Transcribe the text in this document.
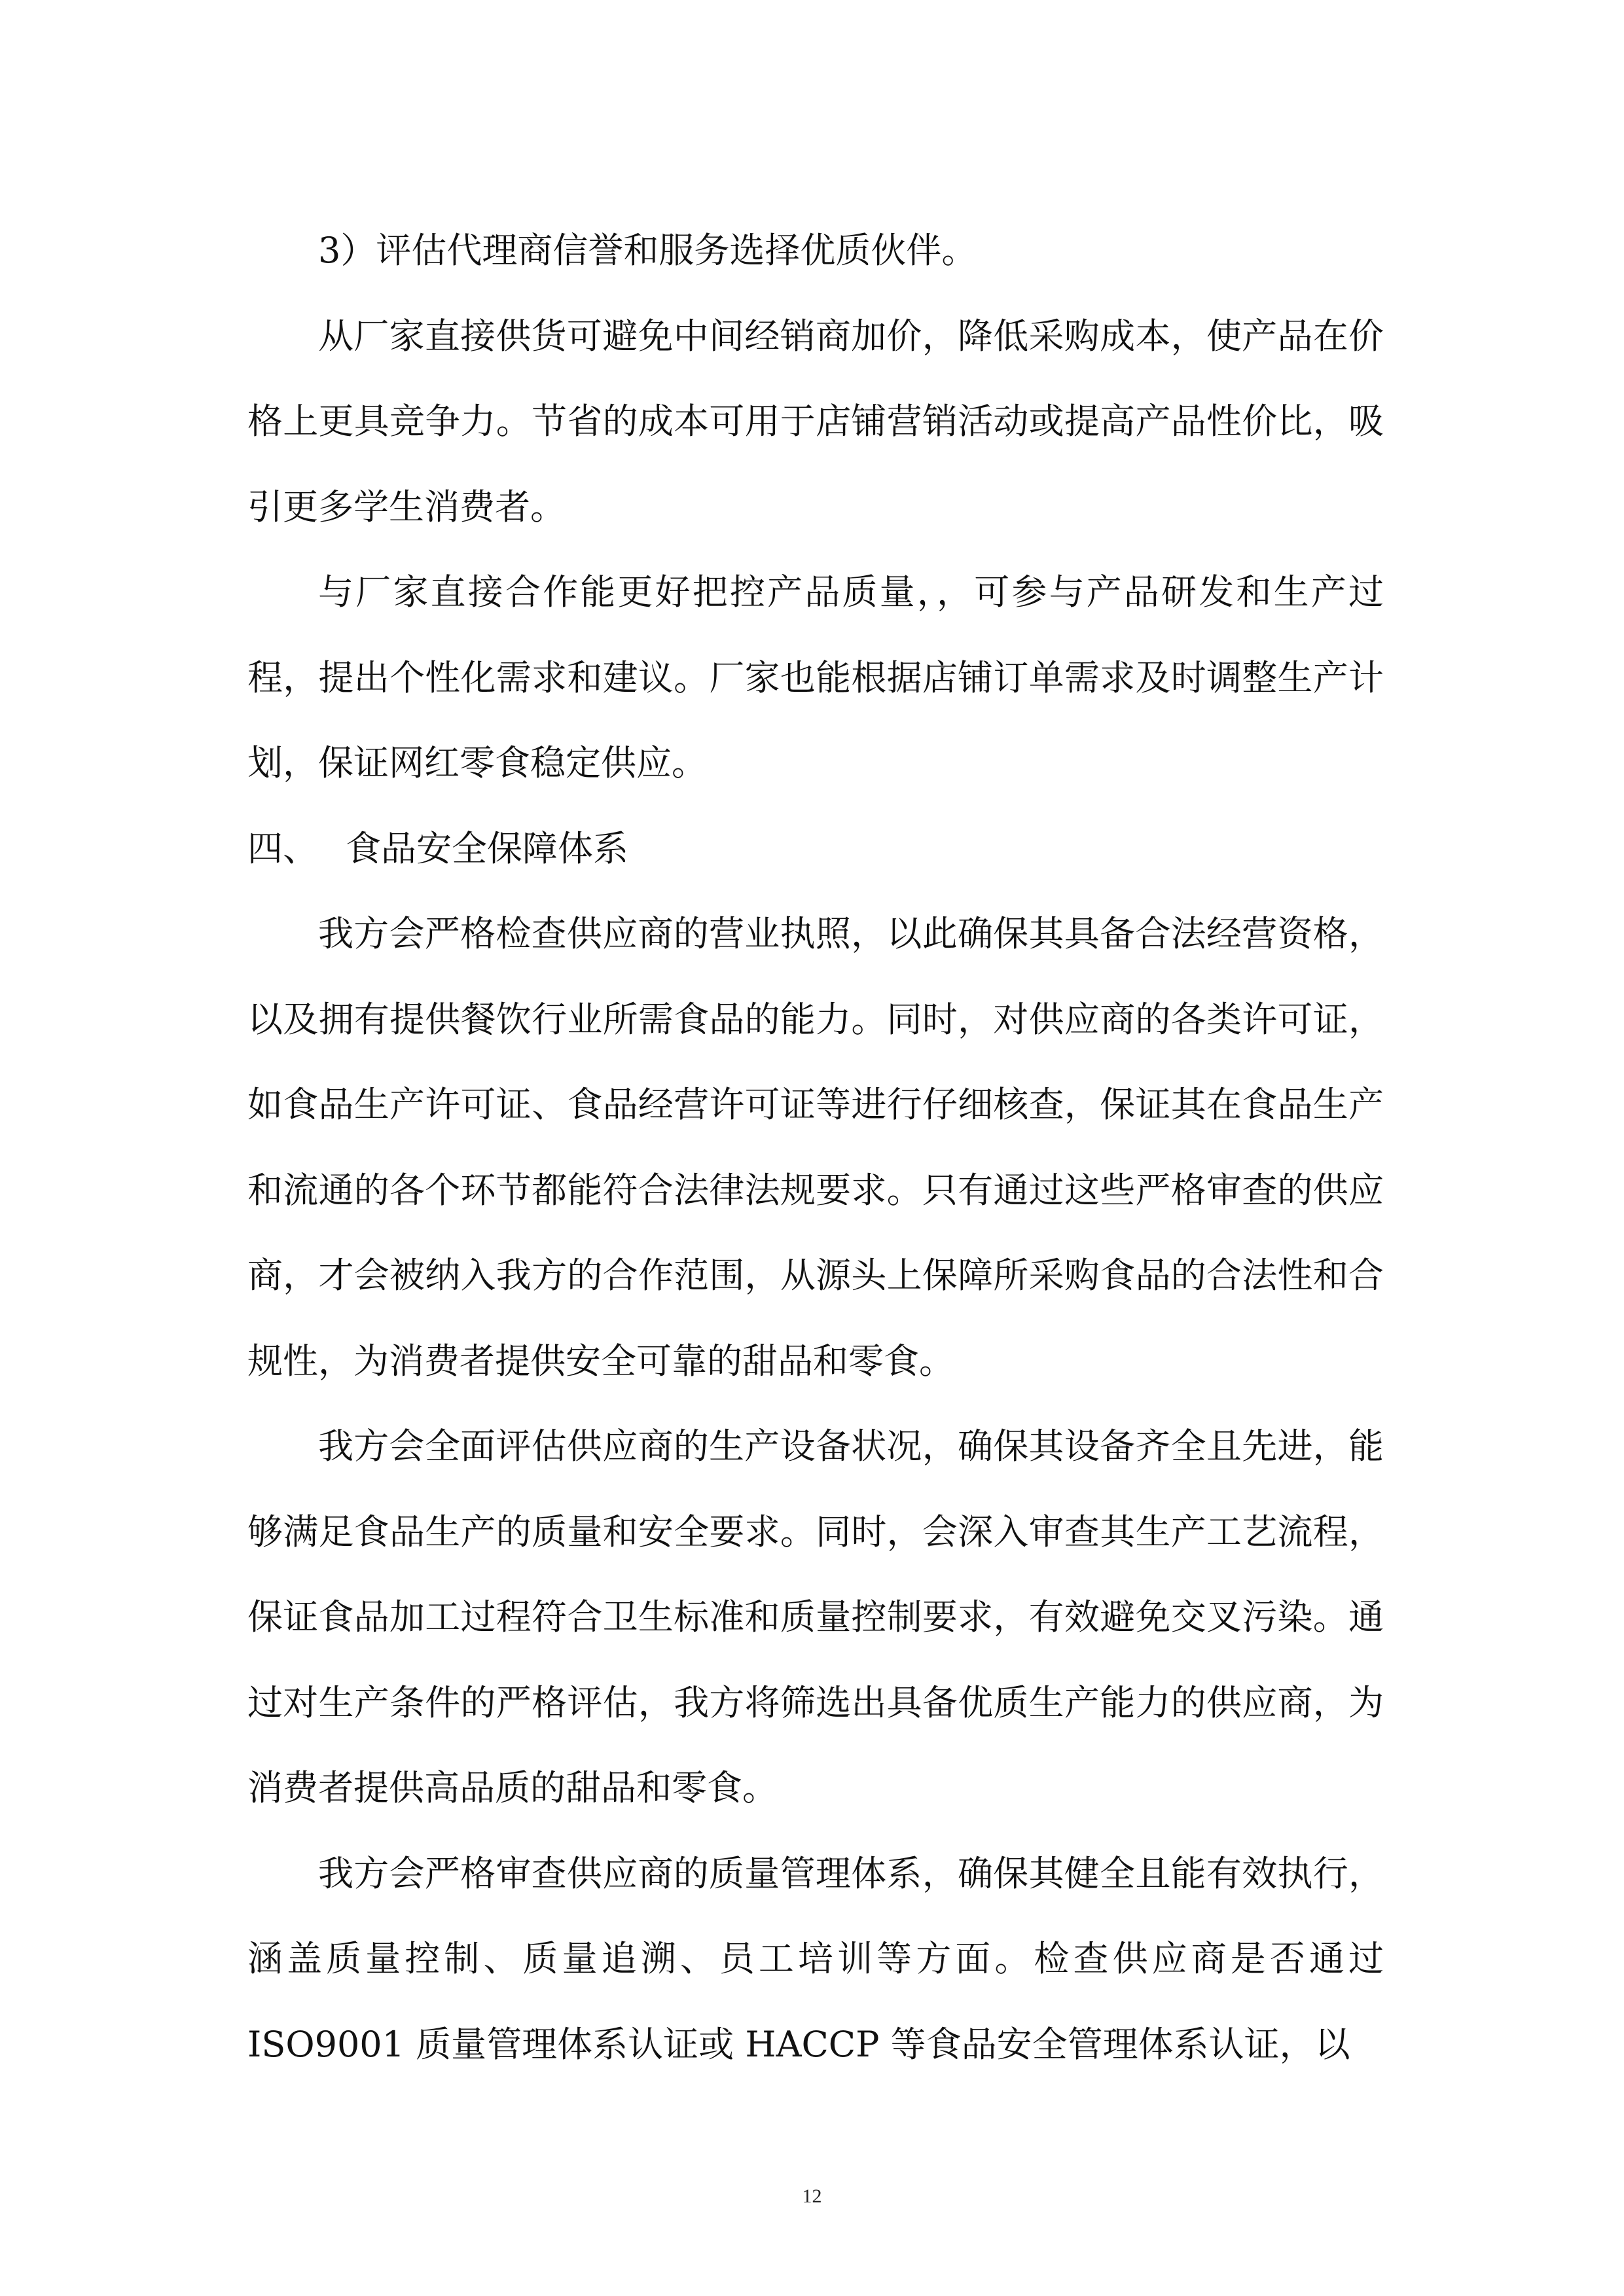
3）评估代理商信誉和服务选择优质伙伴。

从厂家直接供货可避免中间经销商加价，降低采购成本，使产品在价格上更具竞争力。节省的成本可用于店铺营销活动或提高产品性价比，吸引更多学生消费者。

与厂家直接合作能更好把控产品质量，，可参与产品研发和生产过程，提出个性化需求和建议。厂家也能根据店铺订单需求及时调整生产计划，保证网红零食稳定供应。

四、 食品安全保障体系

我方会严格检查供应商的营业执照，以此确保其具备合法经营资格，以及拥有提供餐饮行业所需食品的能力。同时，对供应商的各类许可证，如食品生产许可证、食品经营许可证等进行仔细核查，保证其在食品生产和流通的各个环节都能符合法律法规要求。只有通过这些严格审查的供应商，才会被纳入我方的合作范围，从源头上保障所采购食品的合法性和合规性，为消费者提供安全可靠的甜品和零食。

我方会全面评估供应商的生产设备状况，确保其设备齐全且先进，能够满足食品生产的质量和安全要求。同时，会深入审查其生产工艺流程，保证食品加工过程符合卫生标准和质量控制要求，有效避免交叉污染。通过对生产条件的严格评估，我方将筛选出具备优质生产能力的供应商，为消费者提供高品质的甜品和零食。

我方会严格审查供应商的质量管理体系，确保其健全且能有效执行，涵盖质量控制、质量追溯、员工培训等方面。检查供应商是否通过 ISO9001 质量管理体系认证或 HACCP 等食品安全管理体系认证，以

12
